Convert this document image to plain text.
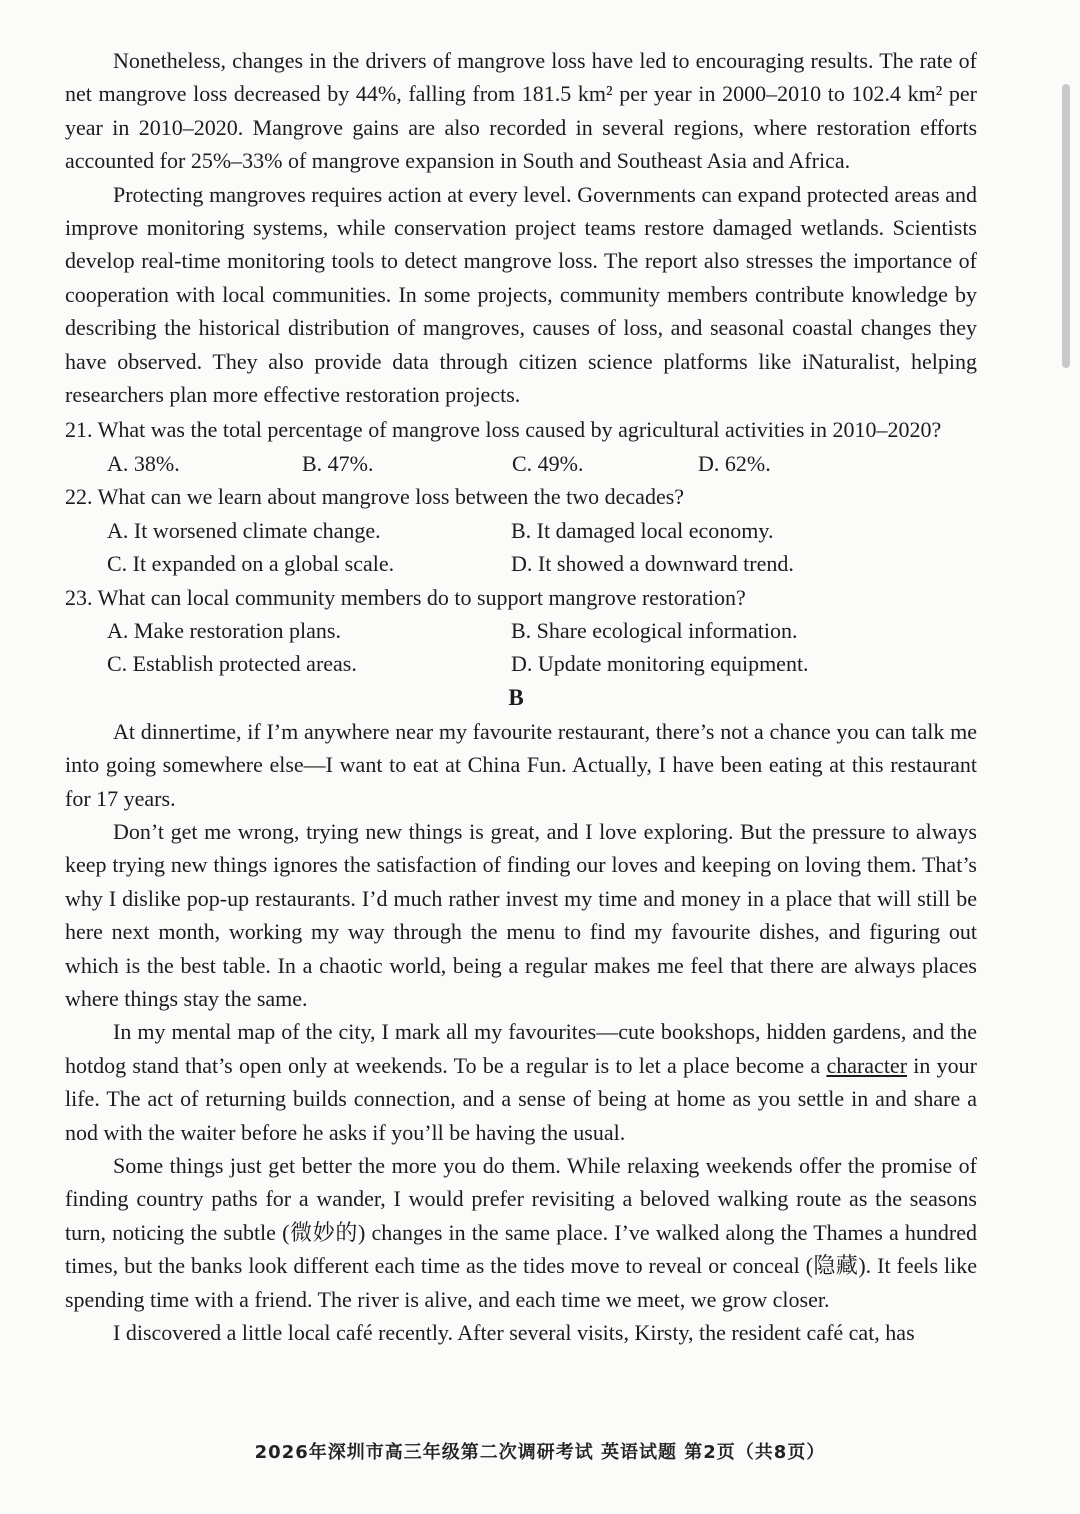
Nonetheless, changes in the drivers of mangrove loss have led to encouraging results. The rate of net mangrove loss decreased by 44%, falling from 181.5 km² per year in 2000–2010 to 102.4 km² per year in 2010–2020. Mangrove gains are also recorded in several regions, where restoration efforts accounted for 25%–33% of mangrove expansion in South and Southeast Asia and Africa.

Protecting mangroves requires action at every level. Governments can expand protected areas and improve monitoring systems, while conservation project teams restore damaged wetlands. Scientists develop real-time monitoring tools to detect mangrove loss. The report also stresses the importance of cooperation with local communities. In some projects, community members contribute knowledge by describing the historical distribution of mangroves, causes of loss, and seasonal coastal changes they have observed. They also provide data through citizen science platforms like iNaturalist, helping researchers plan more effective restoration projects.

21. What was the total percentage of mangrove loss caused by agricultural activities in 2010–2020?

A. 38%.	B. 47%.	C. 49%.	D. 62%.

22. What can we learn about mangrove loss between the two decades?

A. It worsened climate change.	B. It damaged local economy.
C. It expanded on a global scale.	D. It showed a downward trend.

23. What can local community members do to support mangrove restoration?

A. Make restoration plans.	B. Share ecological information.
C. Establish protected areas.	D. Update monitoring equipment.

B

At dinnertime, if I’m anywhere near my favourite restaurant, there’s not a chance you can talk me into going somewhere else—I want to eat at China Fun. Actually, I have been eating at this restaurant for 17 years.

Don’t get me wrong, trying new things is great, and I love exploring. But the pressure to always keep trying new things ignores the satisfaction of finding our loves and keeping on loving them. That’s why I dislike pop-up restaurants. I’d much rather invest my time and money in a place that will still be here next month, working my way through the menu to find my favourite dishes, and figuring out which is the best table. In a chaotic world, being a regular makes me feel that there are always places where things stay the same.

In my mental map of the city, I mark all my favourites—cute bookshops, hidden gardens, and the hotdog stand that’s open only at weekends. To be a regular is to let a place become a character in your life. The act of returning builds connection, and a sense of being at home as you settle in and share a nod with the waiter before he asks if you’ll be having the usual.

Some things just get better the more you do them. While relaxing weekends offer the promise of finding country paths for a wander, I would prefer revisiting a beloved walking route as the seasons turn, noticing the subtle (微妙的) changes in the same place. I’ve walked along the Thames a hundred times, but the banks look different each time as the tides move to reveal or conceal (隐藏). It feels like spending time with a friend. The river is alive, and each time we meet, we grow closer.

I discovered a little local café recently. After several visits, Kirsty, the resident café cat, has

2026年深圳市高三年级第二次调研考试 英语试题 第2页（共8页）
